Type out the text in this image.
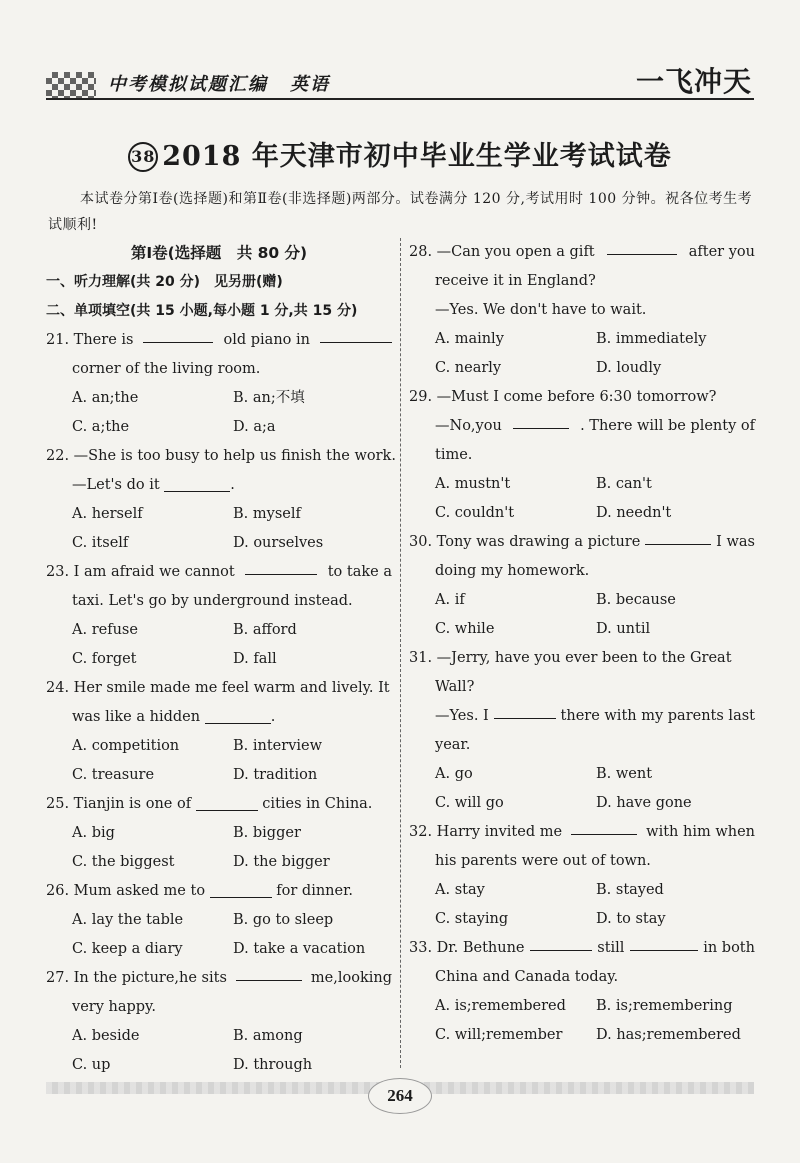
中考模拟试题汇编 英语	一飞冲天
38 2018 年天津市初中毕业生学业考试试卷
本试卷分第Ⅰ卷(选择题)和第Ⅱ卷(非选择题)两部分。试卷满分 120 分,考试用时 100 分钟。祝各位考生考试顺利!
第Ⅰ卷(选择题　共 80 分)
一、听力理解(共 20 分)　见另册(赠)
二、单项填空(共 15 小题,每小题 1 分,共 15 分)
21. There is	old piano in
corner of the living room.
A. an;the	B. an;不填
C. a;the	D. a;a
22. —She is too busy to help us finish the work.
—Let's do it	.
A. herself	B. myself
C. itself	D. ourselves
23. I am afraid we cannot	to take a
taxi. Let's go by underground instead.
A. refuse	B. afford
C. forget	D. fall
24. Her smile made me feel warm and lively. It
was like a hidden	.
A. competition	B. interview
C. treasure	D. tradition
25. Tianjin is one of	cities in China.
A. big	B. bigger
C. the biggest	D. the bigger
26. Mum asked me to	for dinner.
A. lay the table	B. go to sleep
C. keep a diary	D. take a vacation
27. In the picture,he sits	me,looking
very happy.
A. beside	B. among
C. up	D. through
28. —Can you open a gift	after you
receive it in England?
—Yes. We don't have to wait.
A. mainly	B. immediately
C. nearly	D. loudly
29. —Must I come before 6:30 tomorrow?
—No,you	. There will be plenty of
time.
A. mustn't	B. can't
C. couldn't	D. needn't
30. Tony was drawing a picture	I was
doing my homework.
A. if	B. because
C. while	D. until
31. —Jerry, have you ever been to the Great
Wall?
—Yes. I	there with my parents last
year.
A. go	B. went
C. will go	D. have gone
32. Harry invited me	with him when
his parents were out of town.
A. stay	B. stayed
C. staying	D. to stay
33. Dr. Bethune	still	in both
China and Canada today.
A. is;remembered	B. is;remembering
C. will;remember	D. has;remembered
264
